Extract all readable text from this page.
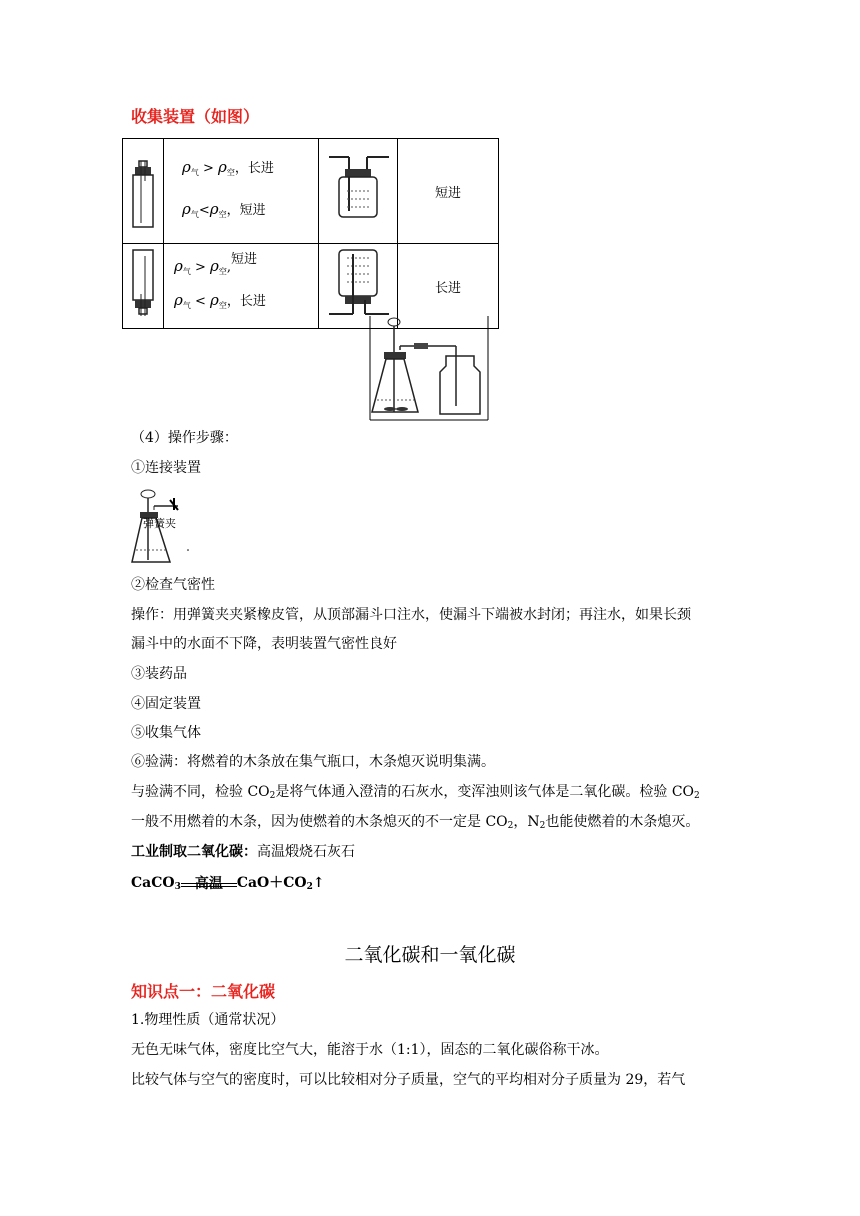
收集装置（如图）

$\rho_气 > \rho_空$，长进
$\rho_气<\rho_空$，短进		短进

$\rho_气 > \rho_空$,短进
$\rho_气 < \rho_空$，长进		长进
（4）操作步骤：
①连接装置
弹簧夹
②检查气密性
操作：用弹簧夹夹紧橡皮管，从顶部漏斗口注水，使漏斗下端被水封闭；再注水，如果长颈
漏斗中的水面不下降，表明装置气密性良好
③装药品
④固定装置
⑤收集气体
⑥验满：将燃着的木条放在集气瓶口，木条熄灭说明集满。
与验满不同，检验 $CO_2$是将气体通入澄清的石灰水，变浑浊则该气体是二氧化碳。检验 $CO_2$
一般不用燃着的木条，因为使燃着的木条熄灭的不一定是 $CO_2$，$N_2$也能使燃着的木条熄灭。
工业制取二氧化碳：高温煅烧石灰石
CaCO$_3$	高温	$CaO+CO_2↑$
二氧化碳和一氧化碳
知识点一：二氧化碳
1.物理性质（通常状况）
无色无味气体，密度比空气大，能溶于水（1:1），固态的二氧化碳俗称干冰。
比较气体与空气的密度时，可以比较相对分子质量，空气的平均相对分子质量为 29，若气
